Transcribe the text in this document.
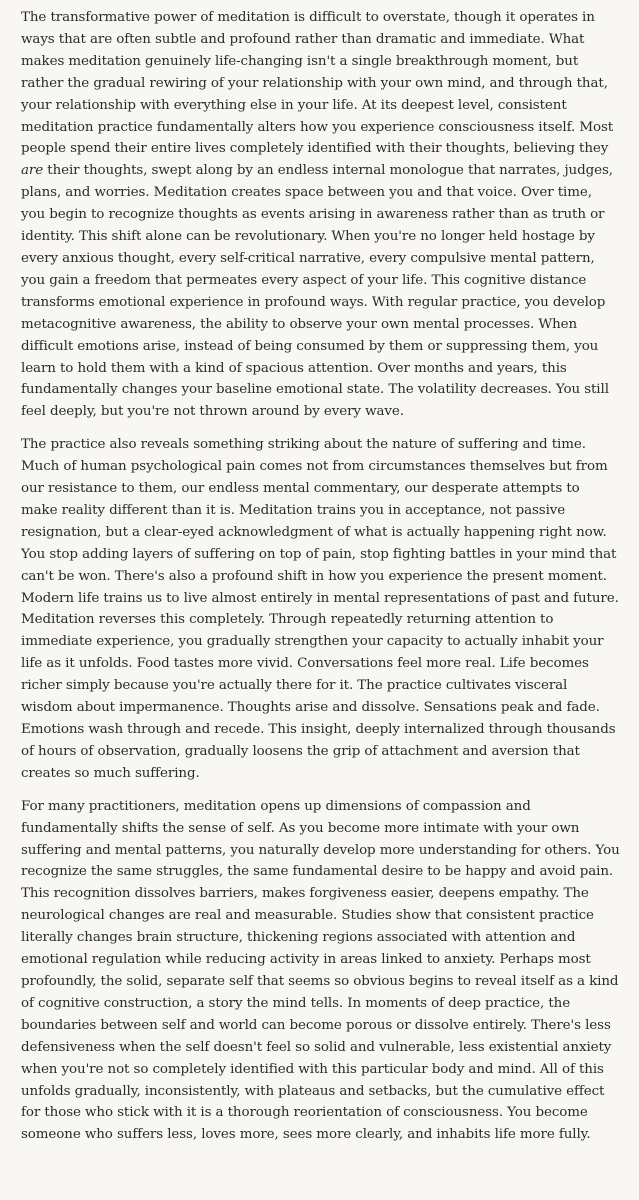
The transformative power of meditation is difficult to overstate, though it operates in ways that are often subtle and profound rather than dramatic and immediate. What makes meditation genuinely life-changing isn't a single breakthrough moment, but rather the gradual rewiring of your relationship with your own mind, and through that, your relationship with everything else in your life. At its deepest level, consistent meditation practice fundamentally alters how you experience consciousness itself. Most people spend their entire lives completely identified with their thoughts, believing they are their thoughts, swept along by an endless internal monologue that narrates, judges, plans, and worries. Meditation creates space between you and that voice. Over time, you begin to recognize thoughts as events arising in awareness rather than as truth or identity. This shift alone can be revolutionary. When you're no longer held hostage by every anxious thought, every self-critical narrative, every compulsive mental pattern, you gain a freedom that permeates every aspect of your life. This cognitive distance transforms emotional experience in profound ways. With regular practice, you develop metacognitive awareness, the ability to observe your own mental processes. When difficult emotions arise, instead of being consumed by them or suppressing them, you learn to hold them with a kind of spacious attention. Over months and years, this fundamentally changes your baseline emotional state. The volatility decreases. You still feel deeply, but you're not thrown around by every wave.

The practice also reveals something striking about the nature of suffering and time. Much of human psychological pain comes not from circumstances themselves but from our resistance to them, our endless mental commentary, our desperate attempts to make reality different than it is. Meditation trains you in acceptance, not passive resignation, but a clear-eyed acknowledgment of what is actually happening right now. You stop adding layers of suffering on top of pain, stop fighting battles in your mind that can't be won. There's also a profound shift in how you experience the present moment. Modern life trains us to live almost entirely in mental representations of past and future. Meditation reverses this completely. Through repeatedly returning attention to immediate experience, you gradually strengthen your capacity to actually inhabit your life as it unfolds. Food tastes more vivid. Conversations feel more real. Life becomes richer simply because you're actually there for it. The practice cultivates visceral wisdom about impermanence. Thoughts arise and dissolve. Sensations peak and fade. Emotions wash through and recede. This insight, deeply internalized through thousands of hours of observation, gradually loosens the grip of attachment and aversion that creates so much suffering.

For many practitioners, meditation opens up dimensions of compassion and fundamentally shifts the sense of self. As you become more intimate with your own suffering and mental patterns, you naturally develop more understanding for others. You recognize the same struggles, the same fundamental desire to be happy and avoid pain. This recognition dissolves barriers, makes forgiveness easier, deepens empathy. The neurological changes are real and measurable. Studies show that consistent practice literally changes brain structure, thickening regions associated with attention and emotional regulation while reducing activity in areas linked to anxiety. Perhaps most profoundly, the solid, separate self that seems so obvious begins to reveal itself as a kind of cognitive construction, a story the mind tells. In moments of deep practice, the boundaries between self and world can become porous or dissolve entirely. There's less defensiveness when the self doesn't feel so solid and vulnerable, less existential anxiety when you're not so completely identified with this particular body and mind. All of this unfolds gradually, inconsistently, with plateaus and setbacks, but the cumulative effect for those who stick with it is a thorough reorientation of consciousness. You become someone who suffers less, loves more, sees more clearly, and inhabits life more fully.
